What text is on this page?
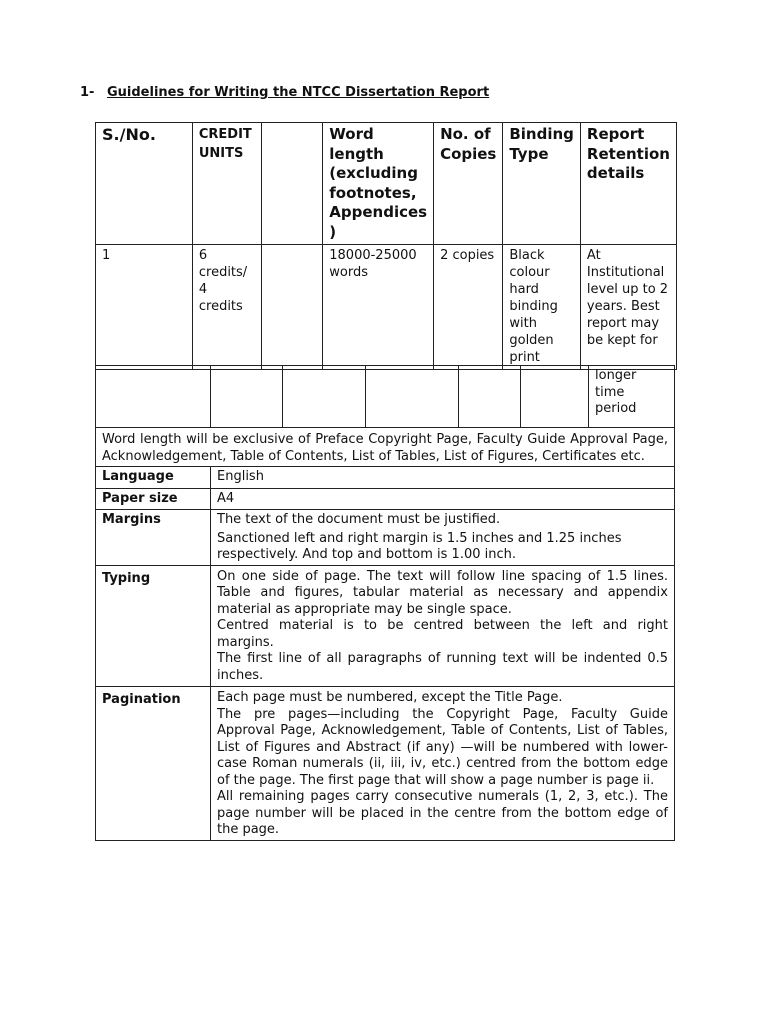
1- Guidelines for Writing the NTCC Dissertation Report
S./No.	CREDIT UNITS		Word length (excluding footnotes, Appendices )	No. of Copies	Binding Type	Report Retention details
1	6 credits/ 4 credits		18000-25000 words	2 copies	Black colour hard binding with golden print	At Institutional level up to 2 years. Best report may be kept for
						longer time period
Word length will be exclusive of Preface Copyright Page, Faculty Guide Approval Page, Acknowledgement, Table of Contents, List of Tables, List of Figures, Certificates etc.						
Language	English					

Paper size	A4					

Margins	The text of the document must be justified.
Sanctioned left and right margin is 1.5 inches and 1.25 inches respectively. And top and bottom is 1.00 inch.					

Typing	On one side of page. The text will follow line spacing of 1.5 lines. Table and figures, tabular material as necessary and appendix material as appropriate may be single space.
Centred material is to be centred between the left and right margins.
The first line of all paragraphs of running text will be indented 0.5 inches.					

Pagination	Each page must be numbered, except the Title Page.
The pre pages—including the Copyright Page, Faculty Guide Approval Page, Acknowledgement, Table of Contents, List of Tables, List of Figures and Abstract (if any) —will be numbered with lower-case Roman numerals (ii, iii, iv, etc.) centred from the bottom edge of the page. The first page that will show a page number is page ii.
All remaining pages carry consecutive numerals (1, 2, 3, etc.). The page number will be placed in the centre from the bottom edge of the page.					
